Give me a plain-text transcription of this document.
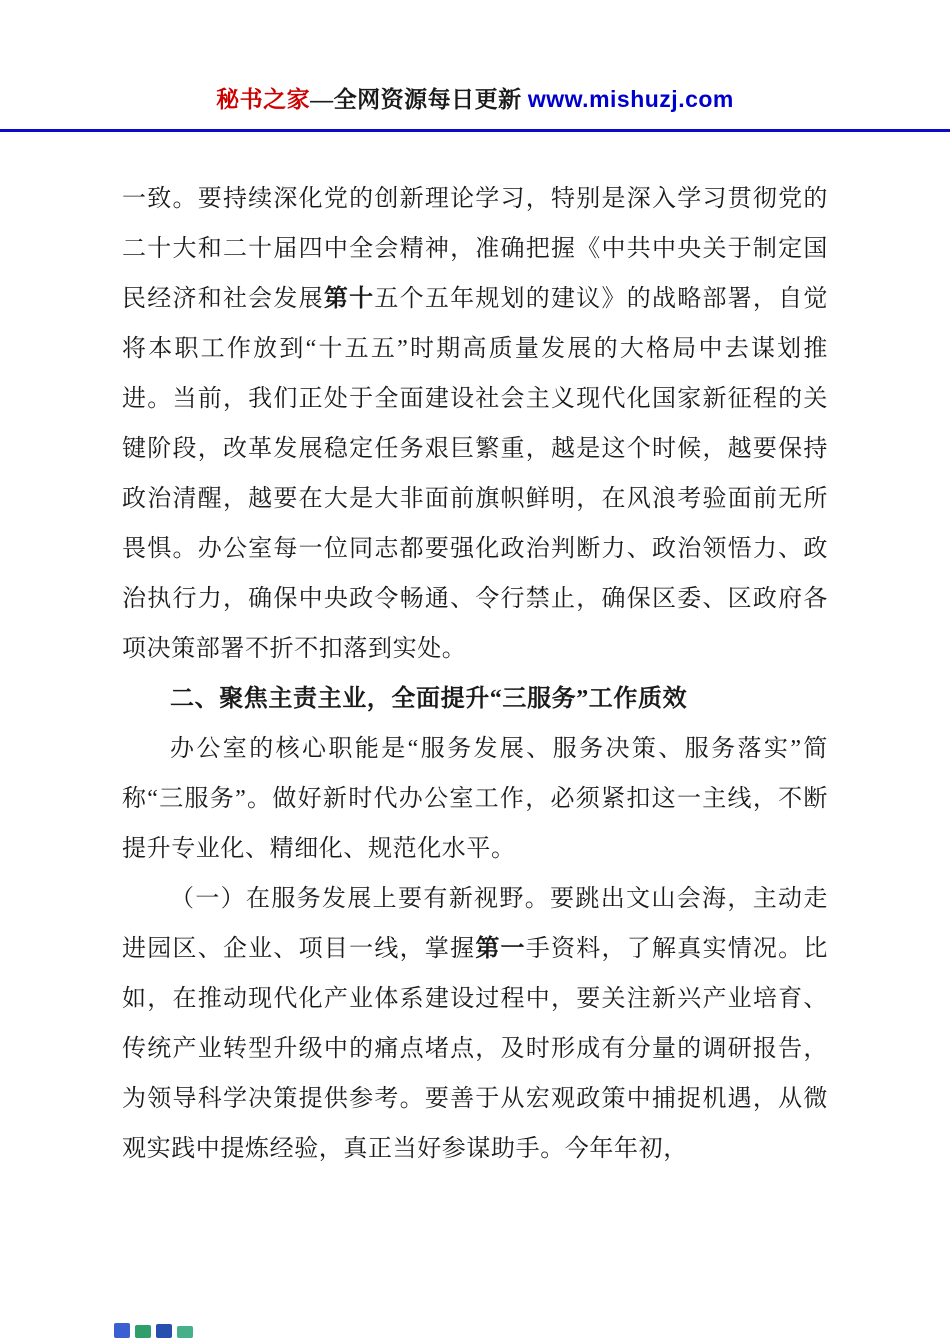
秘书之家—全网资源每日更新 www.mishuzj.com

一致。要持续深化党的创新理论学习，特别是深入学习贯彻党的二十大和二十届四中全会精神，准确把握《中共中央关于制定国民经济和社会发展第十五个五年规划的建议》的战略部署，自觉将本职工作放到“十五五”时期高质量发展的大格局中去谋划推进。当前，我们正处于全面建设社会主义现代化国家新征程的关键阶段，改革发展稳定任务艰巨繁重，越是这个时候，越要保持政治清醒，越要在大是大非面前旗帜鲜明，在风浪考验面前无所畏惧。办公室每一位同志都要强化政治判断力、政治领悟力、政治执行力，确保中央政令畅通、令行禁止，确保区委、区政府各项决策部署不折不扣落到实处。

二、聚焦主责主业，全面提升“三服务”工作质效

办公室的核心职能是“服务发展、服务决策、服务落实”简称“三服务”。做好新时代办公室工作，必须紧扣这一主线，不断提升专业化、精细化、规范化水平。

（一）在服务发展上要有新视野。要跳出文山会海，主动走进园区、企业、项目一线，掌握第一手资料，了解真实情况。比如，在推动现代化产业体系建设过程中，要关注新兴产业培育、传统产业转型升级中的痛点堵点，及时形成有分量的调研报告，为领导科学决策提供参考。要善于从宏观政策中捕捉机遇，从微观实践中提炼经验，真正当好参谋助手。今年年初，
